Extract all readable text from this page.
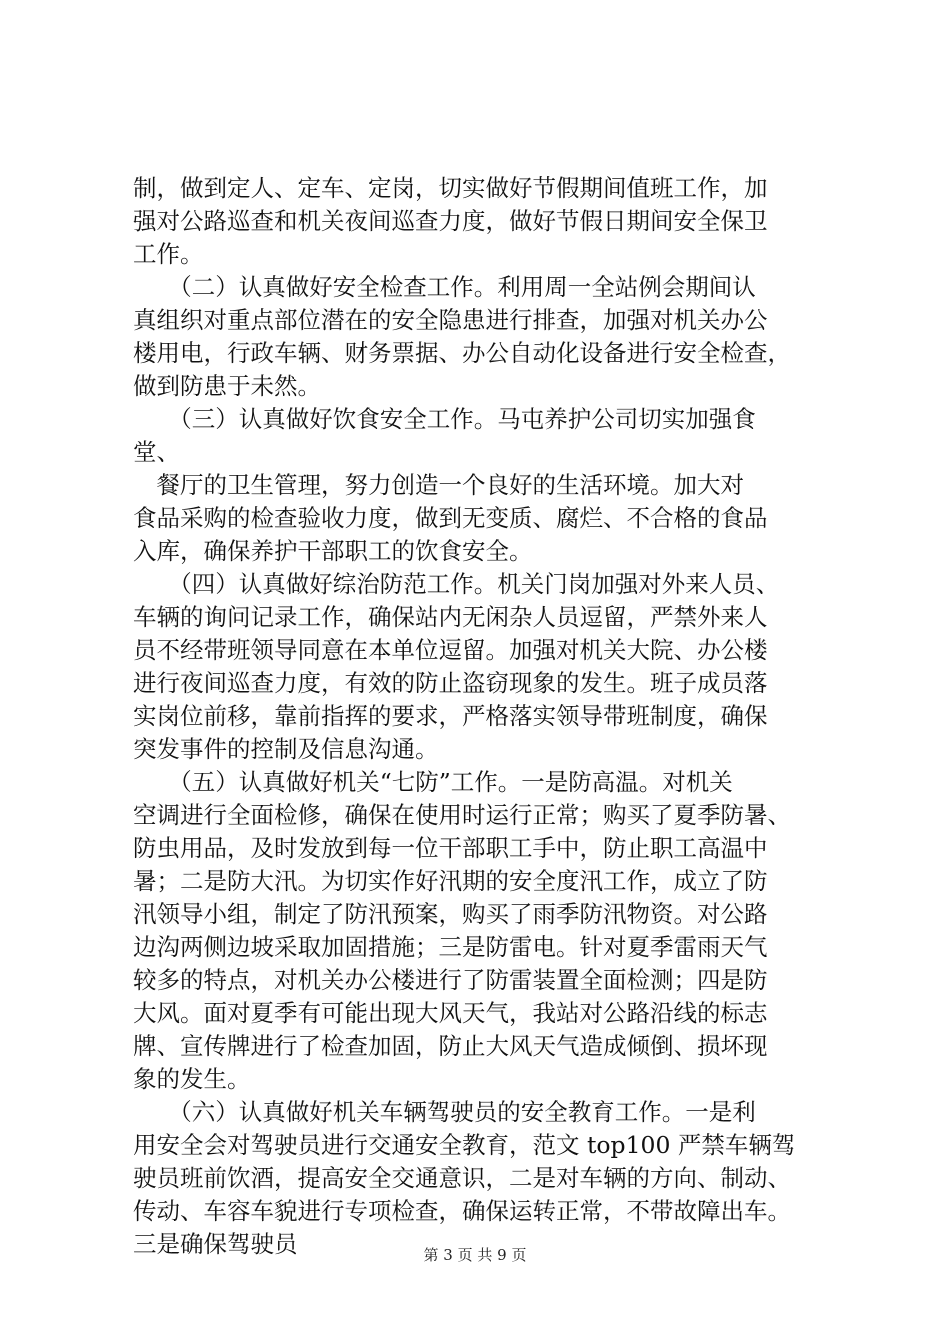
制，做到定人、定车、定岗，切实做好节假期间值班工作，加
强对公路巡查和机关夜间巡查力度，做好节假日期间安全保卫
工作。
　　（二）认真做好安全检查工作。利用周一全站例会期间认
真组织对重点部位潜在的安全隐患进行排查，加强对机关办公
楼用电，行政车辆、财务票据、办公自动化设备进行安全检查，
做到防患于未然。
　　（三）认真做好饮食安全工作。马屯养护公司切实加强食
堂、
　餐厅的卫生管理，努力创造一个良好的生活环境。加大对
食品采购的检查验收力度，做到无变质、腐烂、不合格的食品
入库，确保养护干部职工的饮食安全。
　　（四）认真做好综治防范工作。机关门岗加强对外来人员、
车辆的询问记录工作，确保站内无闲杂人员逗留，严禁外来人
员不经带班领导同意在本单位逗留。加强对机关大院、办公楼
进行夜间巡查力度，有效的防止盗窃现象的发生。班子成员落
实岗位前移，靠前指挥的要求，严格落实领导带班制度，确保
突发事件的控制及信息沟通。
　　（五）认真做好机关“七防”工作。一是防高温。对机关
空调进行全面检修，确保在使用时运行正常；购买了夏季防暑、
防虫用品，及时发放到每一位干部职工手中，防止职工高温中
暑；二是防大汛。为切实作好汛期的安全度汛工作，成立了防
汛领导小组，制定了防汛预案，购买了雨季防汛物资。对公路
边沟两侧边坡采取加固措施；三是防雷电。针对夏季雷雨天气
较多的特点，对机关办公楼进行了防雷装置全面检测；四是防
大风。面对夏季有可能出现大风天气，我站对公路沿线的标志
牌、宣传牌进行了检查加固，防止大风天气造成倾倒、损坏现
象的发生。
　　（六）认真做好机关车辆驾驶员的安全教育工作。一是利
用安全会对驾驶员进行交通安全教育，范文 top100 严禁车辆驾
驶员班前饮酒，提高安全交通意识，二是对车辆的方向、制动、
传动、车容车貌进行专项检查，确保运转正常，不带故障出车。
三是确保驾驶员	第 3 页 共 9 页
